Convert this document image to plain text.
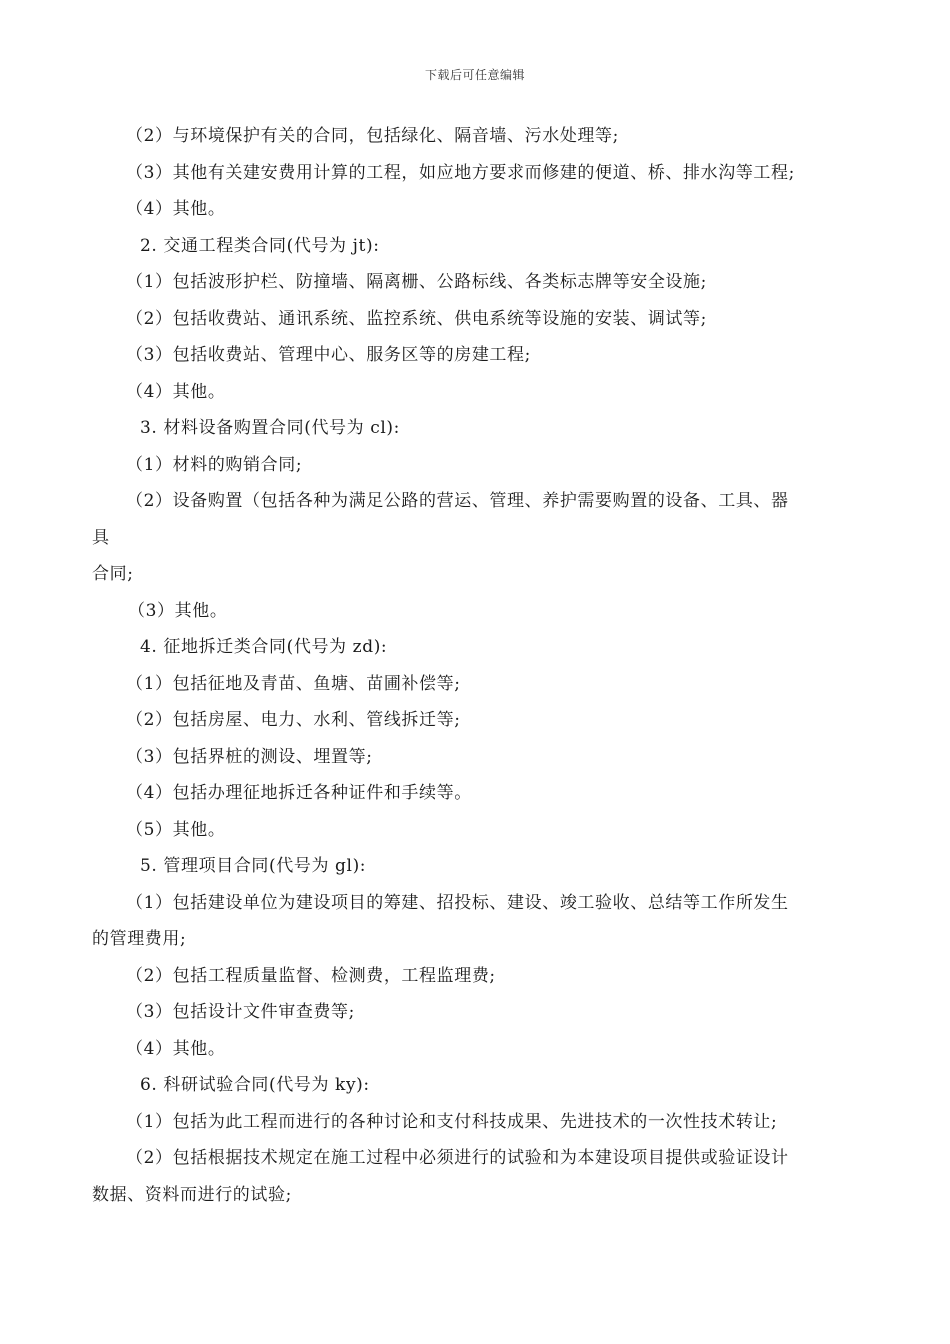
下载后可任意编辑
（2）与环境保护有关的合同，包括绿化、隔音墙、污水处理等;
（3）其他有关建安费用计算的工程，如应地方要求而修建的便道、桥、排水沟等工程;
（4）其他。
2. 交通工程类合同(代号为 jt):
（1）包括波形护栏、防撞墙、隔离栅、公路标线、各类标志牌等安全设施;
（2）包括收费站、通讯系统、监控系统、供电系统等设施的安装、调试等;
（3）包括收费站、管理中心、服务区等的房建工程;
（4）其他。
3. 材料设备购置合同(代号为 cl):
（1）材料的购销合同;
（2）设备购置（包括各种为满足公路的营运、管理、养护需要购置的设备、工具、器
具
合同;
（3）其他。
4. 征地拆迁类合同(代号为 zd):
（1）包括征地及青苗、鱼塘、苗圃补偿等;
（2）包括房屋、电力、水利、管线拆迁等;
（3）包括界桩的测设、埋置等;
（4）包括办理征地拆迁各种证件和手续等。
（5）其他。
5. 管理项目合同(代号为 gl):
（1）包括建设单位为建设项目的筹建、招投标、建设、竣工验收、总结等工作所发生
的管理费用;
（2）包括工程质量监督、检测费，工程监理费;
（3）包括设计文件审查费等;
（4）其他。
6. 科研试验合同(代号为 ky):
（1）包括为此工程而进行的各种讨论和支付科技成果、先进技术的一次性技术转让;
（2）包括根据技术规定在施工过程中必须进行的试验和为本建设项目提供或验证设计
数据、资料而进行的试验;
